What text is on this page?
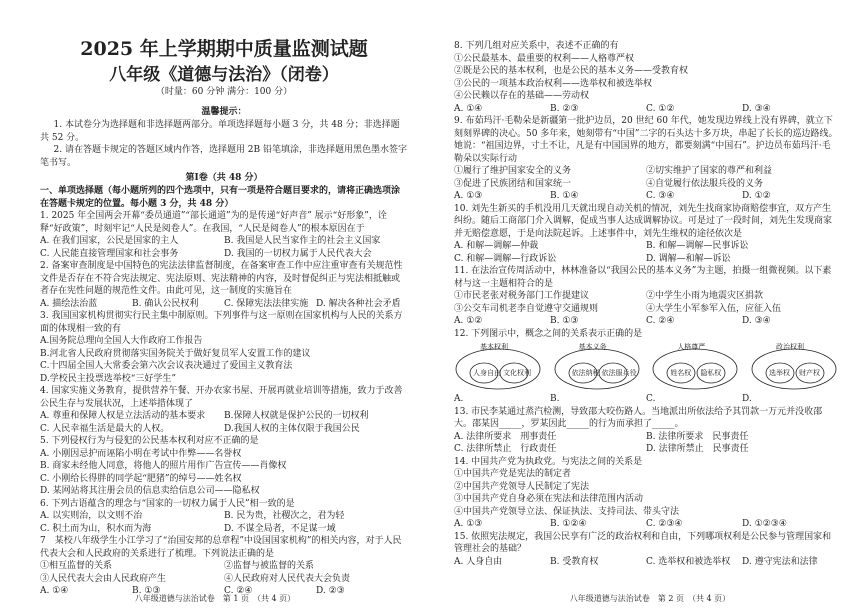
2025 年上学期期中质量监测试题
八年级《道德与法治》（闭卷）
（时量：60 分钟 满分：100 分）
温馨提示：

1. 本试卷分为选择题和非选择题两部分。单项选择题每小题 3 分，共 48 分；非选择题共 52 分。

2. 请在答题卡规定的答题区域内作答，选择题用 2B 铅笔填涂，非选择题用黑色墨水签字笔书写。

第Ⅰ卷（共 48 分）

一、单项选择题（每小题所列的四个选项中，只有一项是符合题目要求的，请将正确选项涂在答题卡规定的位置。每小题 3 分，共 48 分）

1. 2025 年全国两会开幕“委员通道”“部长通道”为的是传递“好声音” 展示“好形象”，诠释“好政策”，时刻牢记“人民是阅卷人”。在我国，“人民是阅卷人”的根本原因在于

A. 在我们国家，公民是国家的主人	B. 我国是人民当家作主的社会主义国家
C. 人民能直接管理国家和社会事务	D. 我国的一切权力属于人民代表大会

2. 备案审查制度是中国特色的宪法法律监督制度，在备案审查工作中应注重审查有关规范性文件是否存在不符合宪法规定、宪法原则、宪法精神的内容，及时督促纠正与宪法相抵触或者存在宪性问题的规范性文件。由此可见，这一制度的实施旨在

A. 描绘法治蓝	B. 确认公民权利	C. 保障宪法法律实施 D. 解决各种社会矛盾

3. 我国国家机构贯彻实行民主集中制原则。下列事件与这一原则在国家机构与人民的关系方面的体现相一致的有

A.国务院总理向全国人大作政府工作报告
B.河北省人民政府贯彻落实国务院关于做好复员军人安置工作的建议
C.十四届全国人大常委会第六次会议表决通过了爱国主义教育法
D.学校民主投票选举校“三好学生”

4. 国家实施义务教育，提供营养午餐、开办农家书屋、开展再就业培训等措施，致力于改善公民生存与发展状况，上述举措体现了

A. 尊重和保障人权是立法活动的基本要求	B.保障人权就是保护公民的一切权利
C. 人民幸福生活是最大的人权。	D.我国人权的主体仅限于我国公民

5. 下列侵权行为与侵犯的公民基本权利对应不正确的是

A. 小刚因忌护而诬陷小明在考试中作弊——名誉权
B. 商家未经他人同意，将他人的照片用作广告宣传——肖像权
C. 小刚给长得胖的同学起“肥猪”的绰号——姓名权
D. 某网站将其注册会员的信息卖给信息公司——隐私权

6. 下列古语蕴含的理念与“国家的一切权力属于人民”相一致的是

A. 以实则治，以文则不治	B. 民为贵，社稷次之，君为轻
C. 积土而为山，积水而为海	D. 不谋全局者，不足谋一域

7　某校八年级学生小江学习了“治国安邦的总章程”中设国国家机构”的相关内容，对于人民代表大会和人民政府的关系进行了梳理。下列说法正确的是

①相互监督的关系	②监督与被监督的关系
③人民代表大会由人民政府产生	④人民政府对人民代表大会负责
A. ①④	B. ①③	C. ②④	D. ②③
八年级道德与法治试卷　第 1 页　（共 4 页）

8. 下列几组对应关系中，表述不正确的有

①公民最基本、最重要的权利——人格尊严权
②既是公民的基本权利，也是公民的基本义务——受教育权
③公民的一项基本政治权利——选举权和被选举权
④公民赖以存在的基础——劳动权
A. ①④	B. ②③	C. ①②	D. ③④

9. 布茹玛汗·毛勒朵是新疆第一批护边员，20 世纪 60 年代，她发现边界线上没有界碑，就立下刻刻界碑的决心。50 多年来，她刻带有“中国”二字的石头达十多万块，串起了长长的巡边路线。她说：“祖国边界，寸土不让，凡是有中国国界的地方，都要刻满“中国石”。护边员布茹玛汗·毛勒朵以实际行动

①履行了维护国家安全的义务	②切实维护了国家的尊严和利益
③促进了民族团结和国家统一	④自觉履行依法服兵役的义务
A. ①③	B. ①④	C. ③④	D. ①②

10. 刘先生新买的手机没用几天就出现自动关机的情况，刘先生找商家协商赔偿事宜，双方产生纠纷。随后工商部门介入调解，促成当事人达成调解协议。可是过了一段时间，刘先生发现商家并无赔偿意愿，于是向法院起诉。上述事件中，刘先生维权的途径依次是

A. 和解—调解—仲裁	B. 和解—调解—民事诉讼
C. 和解—调解—行政诉讼	D. 调解—和解—诉讼

11. 在法治宣传周活动中，林林准备以“我国公民的基本义务”为主题，拍摄一组微视频。以下素材与这一主题相符合的是

①市民老张对税务部门工作提建议	②中学生小雨为地震灾区捐款
③公交车司机老李自觉遵守交通规则	④大学生小军参军入伍，应征入伍
A. ①②	B. ①③	C. ②④	D. ③④

12. 下列图示中，概念之间的关系表示正确的是

基本权利
人身自由 文化权利
基本义务
依法纳税 依法服兵役
人格尊严
姓名权 隐私权
政治权利
选举权 财产权
A.	B.	C.	D.

13. 市民李某通过蒸汽检测，导致邵大咬伤路人。当地派出所依法给予其罚款一万元并没收邵大。邵某因_____，罗某因此_____的行为而承担了_____。

A. 法律所要求　刑事责任	B. 法律所要求　民事责任
C. 法律所禁止　行政责任	D. 法律所禁止　民事责任

14. 中国共产党为执政党。与宪法之间的关系是

①中国共产党是宪法的制定者
②中国共产党领导人民制定了宪法
③中国共产党自身必须在宪法和法律范围内活动
④中国共产党领导立法、保证执法、支持司法、带头守法
A. ①③	B. ①②④	C. ②③④	D. ①②③④

15. 依照宪法规定，我国公民享有广泛的政治权利和自由，下列哪项权利是公民参与管理国家和管理社会的基础？

A. 人身自由	B. 受教育权	C. 选举权和被选举权	D. 遵守宪法和法律
八年级道德与法治试卷　第 2 页　（共 4 页）
